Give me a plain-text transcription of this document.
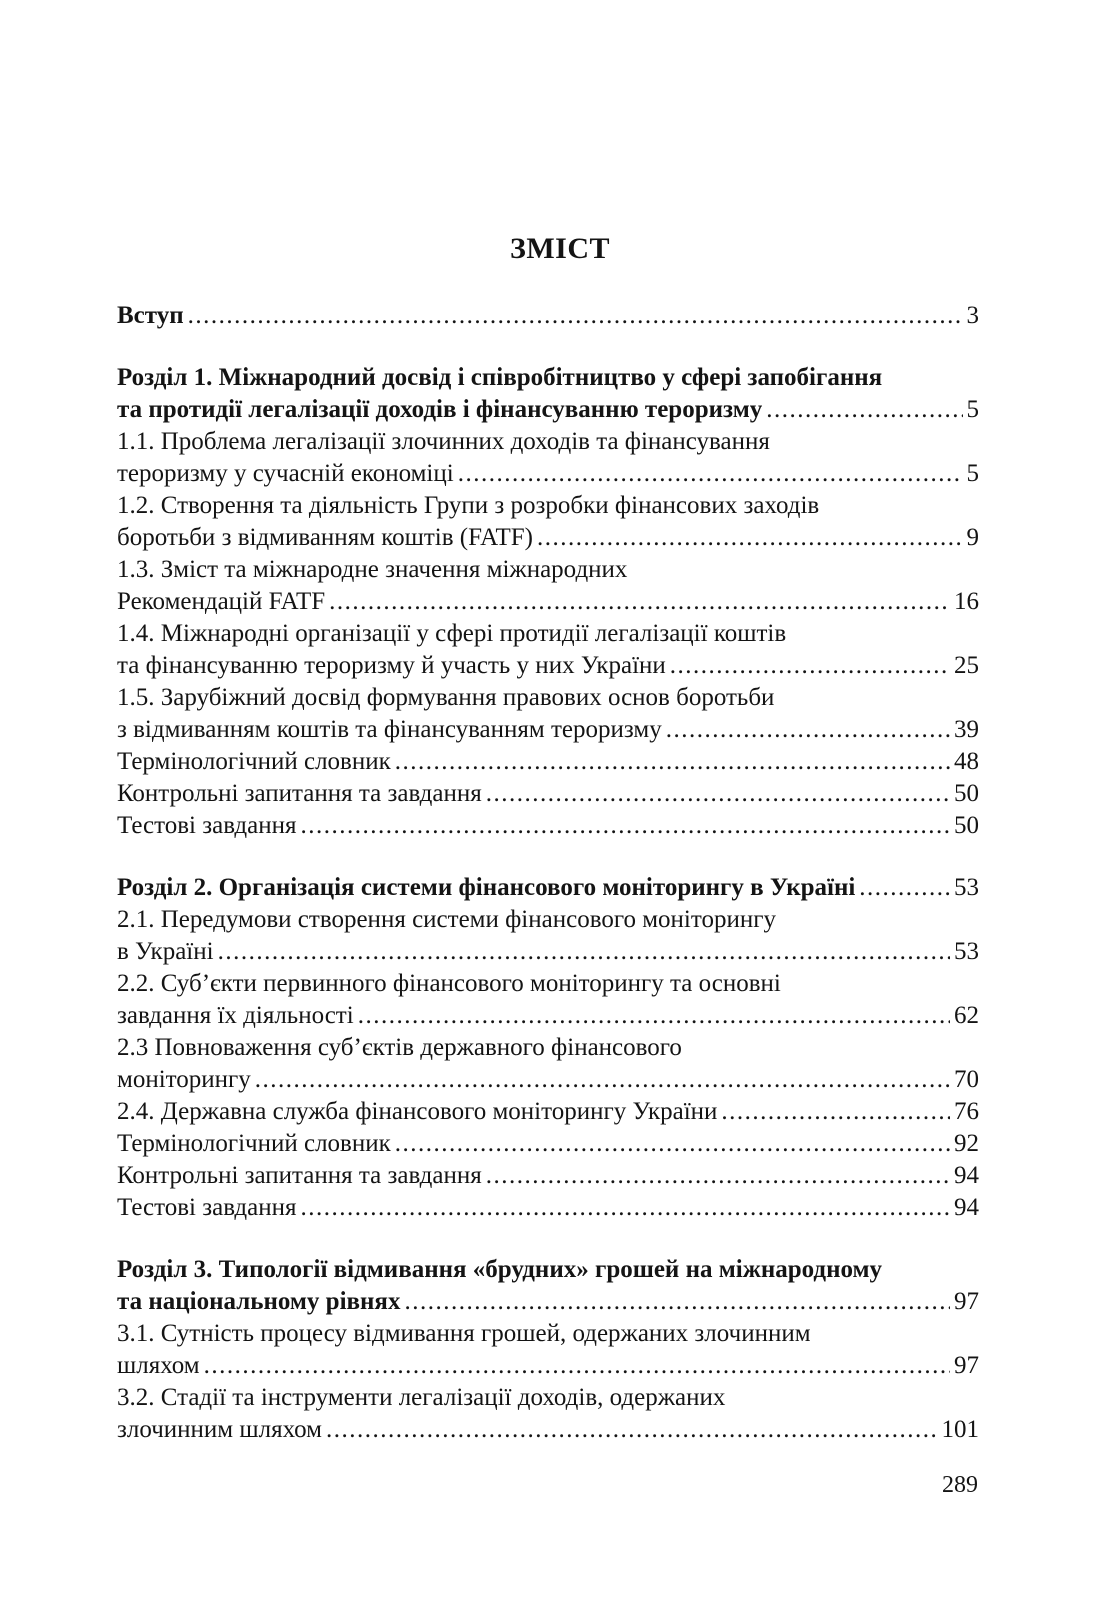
ЗМІСТ
Вступ .....	3
Розділ 1. Міжнародний досвід і співробітництво у сфері запобігання
та протидії легалізації доходів і фінансуванню тероризму .....	5
1.1. Проблема легалізації злочинних доходів та фінансування
тероризму у сучасній економіці .....	5
1.2. Створення та діяльність Групи з розробки фінансових заходів
боротьби з відмиванням коштів (FATF) .....	9
1.3. Зміст та міжнародне значення міжнародних
Рекомендацій FATF .....	16
1.4. Міжнародні організації у сфері протидії легалізації коштів
та фінансуванню тероризму й участь у них України .....	25
1.5. Зарубіжний досвід формування правових основ боротьби
з відмиванням коштів та фінансуванням тероризму .....	39
Термінологічний словник .....	48
Контрольні запитання та завдання .....	50
Тестові завдання .....	50
Розділ 2. Організація системи фінансового моніторингу в Україні .....	53
2.1. Передумови створення системи фінансового моніторингу
в Україні .....	53
2.2. Суб’єкти первинного фінансового моніторингу та основні
завдання їх діяльності .....	62
2.3 Повноваження суб’єктів державного фінансового
моніторингу .....	70
2.4. Державна служба фінансового моніторингу України .....	76
Термінологічний словник .....	92
Контрольні запитання та завдання .....	94
Тестові завдання .....	94
Розділ 3. Типології відмивання «брудних» грошей на міжнародному
та національному рівнях .....	97
3.1. Сутність процесу відмивання грошей, одержаних злочинним
шляхом .....	97
3.2. Стадії та інструменти легалізації доходів, одержаних
злочинним шляхом .....	101
289
